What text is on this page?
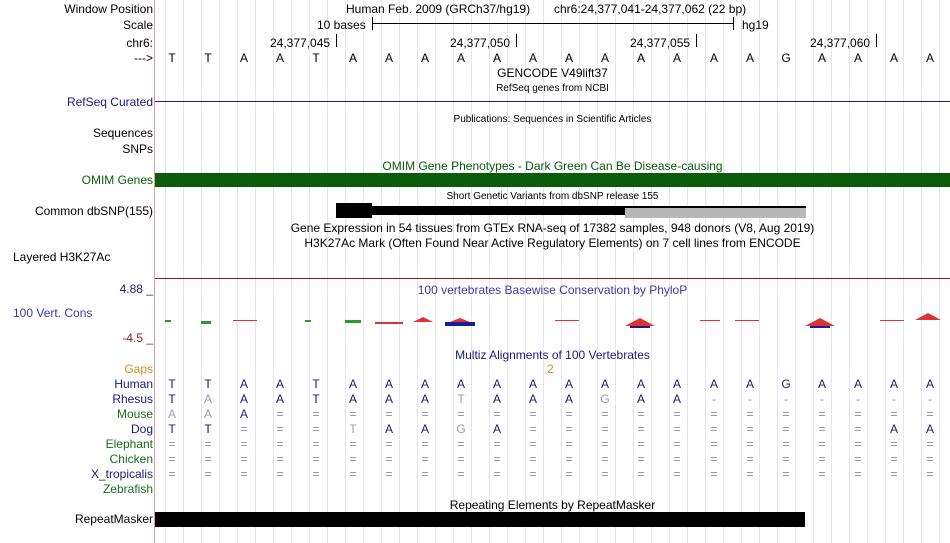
Window Position	Human Feb. 2009 (GRCh37/hg19) chr6:24,377,041-24,377,062 (22 bp)
Scale	10 bases	hg19
chr6:	24,377,045	24,377,050	24,377,055	24,377,060
--->	T	T	A	A	T	A	A	A	A	A	A	A	A	A	A	A	A	G	A	A	A	A
GENCODE V49lift37
RefSeq genes from NCBI
RefSeq Curated
Publications: Sequences in Scientific Articles
Sequences
SNPs
OMIM Gene Phenotypes - Dark Green Can Be Disease-causing
OMIM Genes
Short Genetic Variants from dbSNP release 155
Common dbSNP(155)
Gene Expression in 54 tissues from GTEx RNA-seq of 17382 samples, 948 donors (V8, Aug 2019)
H3K27Ac Mark (Often Found Near Active Regulatory Elements) on 7 cell lines from ENCODE
Layered H3K27Ac
4.88 _	100 vertebrates Basewise Conservation by PhyloP
100 Vert. Cons
-4.5 _
Multiz Alignments of 100 Vertebrates
Gaps	2
Human	T	T	A	A	T	A	A	A	A	A	A	A	A	A	A	A	A	G	A	A	A	A
Rhesus	T	A	A	A	T	A	A	A	T	A	A	A	G	A	A	-	-	-	-	-	-	-
Mouse	A	A	A	=	=	=	=	=	=	=	=	=	=	=	=	=	=	=	=	=	=	=
Dog	T	T	=	=	=	T	A	A	G	A	=	=	=	=	=	=	=	=	=	=	A	A
Elephant	=	=	=	=	=	=	=	=	=	=	=	=	=	=	=	=	=	=	=	=	=	=
Chicken	=	=	=	=	=	=	=	=	=	=	=	=	=	=	=	=	=	=	=	=	=	=
X_tropicalis	=	=	=	=	=	=	=	=	=	=	=	=	=	=	=	=	=	=	=	=	=	=
Zebrafish
Repeating Elements by RepeatMasker
RepeatMasker
